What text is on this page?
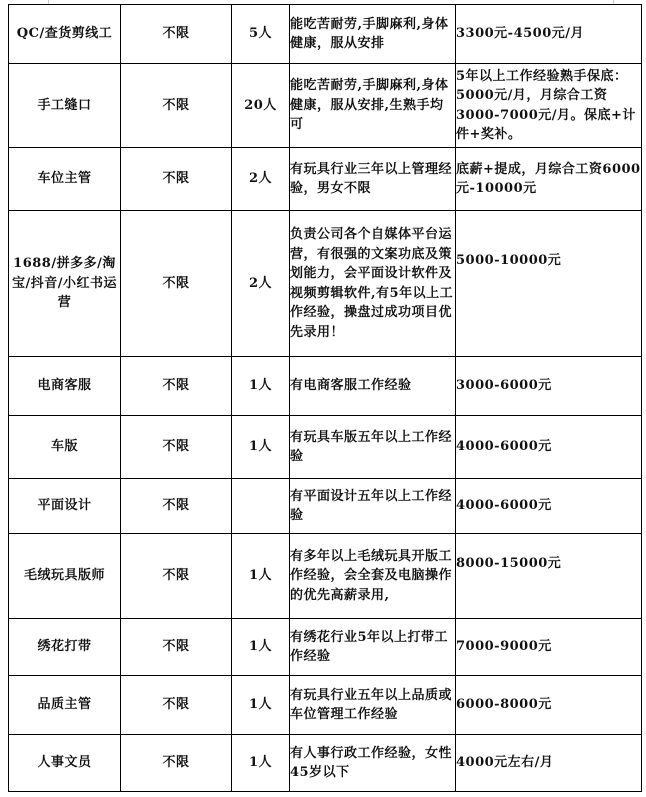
QC/查货剪线工	不限	5人	能吃苦耐劳,手脚麻利,身体健康，服从安排	3300元-4500元/月
手工缝口	不限	20人	能吃苦耐劳,手脚麻利,身体健康，服从安排,生熟手均可	5年以上工作经验熟手保底：5000元/月，月综合工资3000-7000元/月。保底+计件+奖补。
车位主管	不限	2人	有玩具行业三年以上管理经验，男女不限	底薪+提成，月综合工资6000元-10000元
1688/拼多多/淘宝/抖音/小红书运营	不限	2人	负责公司各个自媒体平台运营，有很强的文案功底及策划能力，会平面设计软件及视频剪辑软件,有5年以上工作经验，操盘过成功项目优先录用！	5000-10000元
电商客服	不限	1人	有电商客服工作经验	3000-6000元
车版	不限	1人	有玩具车版五年以上工作经验	4000-6000元
平面设计	不限		有平面设计五年以上工作经验	4000-6000元
毛绒玩具版师	不限	1人	有多年以上毛绒玩具开版工作经验，会全套及电脑操作的优先高薪录用,	8000-15000元
绣花打带	不限	1人	有绣花行业5年以上打带工作经验	7000-9000元
品质主管	不限	1人	有玩具行业五年以上品质或车位管理工作经验	6000-8000元
人事文员	不限	1人	有人事行政工作经验，女性45岁以下	4000元左右/月
